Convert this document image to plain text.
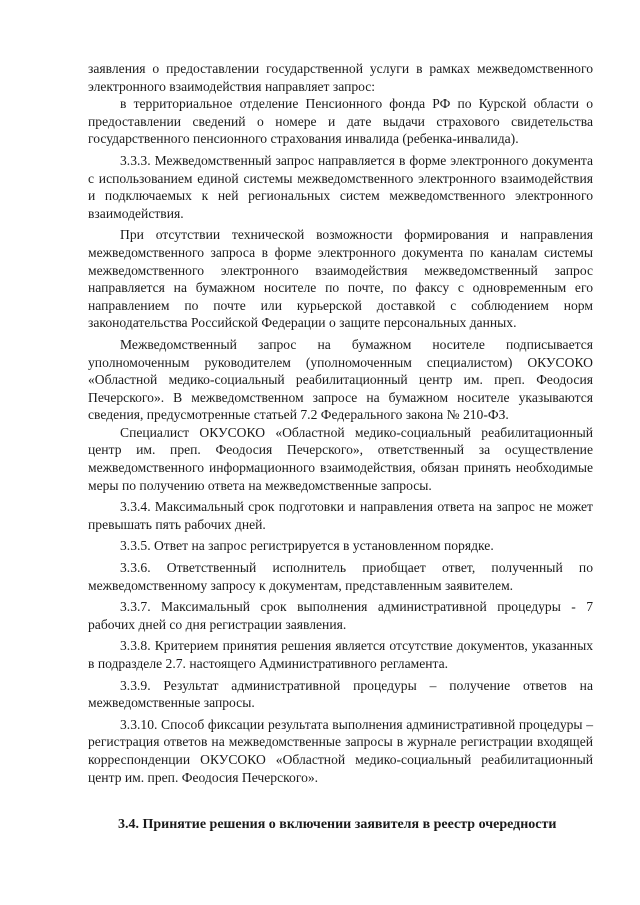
заявления о предоставлении государственной услуги в рамках межведомственного электронного взаимодействия направляет запрос:

в территориальное отделение Пенсионного фонда РФ по Курской области о предоставлении сведений о номере и дате выдачи страхового свидетельства государственного пенсионного страхования инвалида (ребенка-инвалида).

3.3.3. Межведомственный запрос направляется в форме электронного документа с использованием единой системы межведомственного электронного взаимодействия и подключаемых к ней региональных систем межведомственного электронного взаимодействия.

При отсутствии технической возможности формирования и направления межведомственного запроса в форме электронного документа по каналам системы межведомственного электронного взаимодействия межведомственный запрос направляется на бумажном носителе по почте, по факсу с одновременным его направлением по почте или курьерской доставкой с соблюдением норм законодательства Российской Федерации о защите персональных данных.

Межведомственный запрос на бумажном носителе подписывается уполномоченным руководителем (уполномоченным специалистом) ОКУСОКО «Областной медико-социальный реабилитационный центр им. преп. Феодосия Печерского». В межведомственном запросе на бумажном носителе указываются сведения, предусмотренные статьей 7.2 Федерального закона № 210-ФЗ.

Специалист ОКУСОКО «Областной медико-социальный реабилитационный центр им. преп. Феодосия Печерского», ответственный за осуществление межведомственного информационного взаимодействия, обязан принять необходимые меры по получению ответа на межведомственные запросы.

3.3.4. Максимальный срок подготовки и направления ответа на запрос не может превышать пять рабочих дней.

3.3.5. Ответ на запрос регистрируется в установленном порядке.

3.3.6. Ответственный исполнитель приобщает ответ, полученный по межведомственному запросу к документам, представленным заявителем.

3.3.7. Максимальный срок выполнения административной процедуры - 7 рабочих дней со дня регистрации заявления.

3.3.8. Критерием принятия решения является отсутствие документов, указанных в подразделе 2.7. настоящего Административного регламента.

3.3.9. Результат административной процедуры – получение ответов на межведомственные запросы.

3.3.10. Способ фиксации результата выполнения административной процедуры – регистрация ответов на межведомственные запросы в журнале регистрации входящей корреспонденции ОКУСОКО «Областной медико-социальный реабилитационный центр им. преп. Феодосия Печерского».

3.4. Принятие решения о включении заявителя в реестр очередности
